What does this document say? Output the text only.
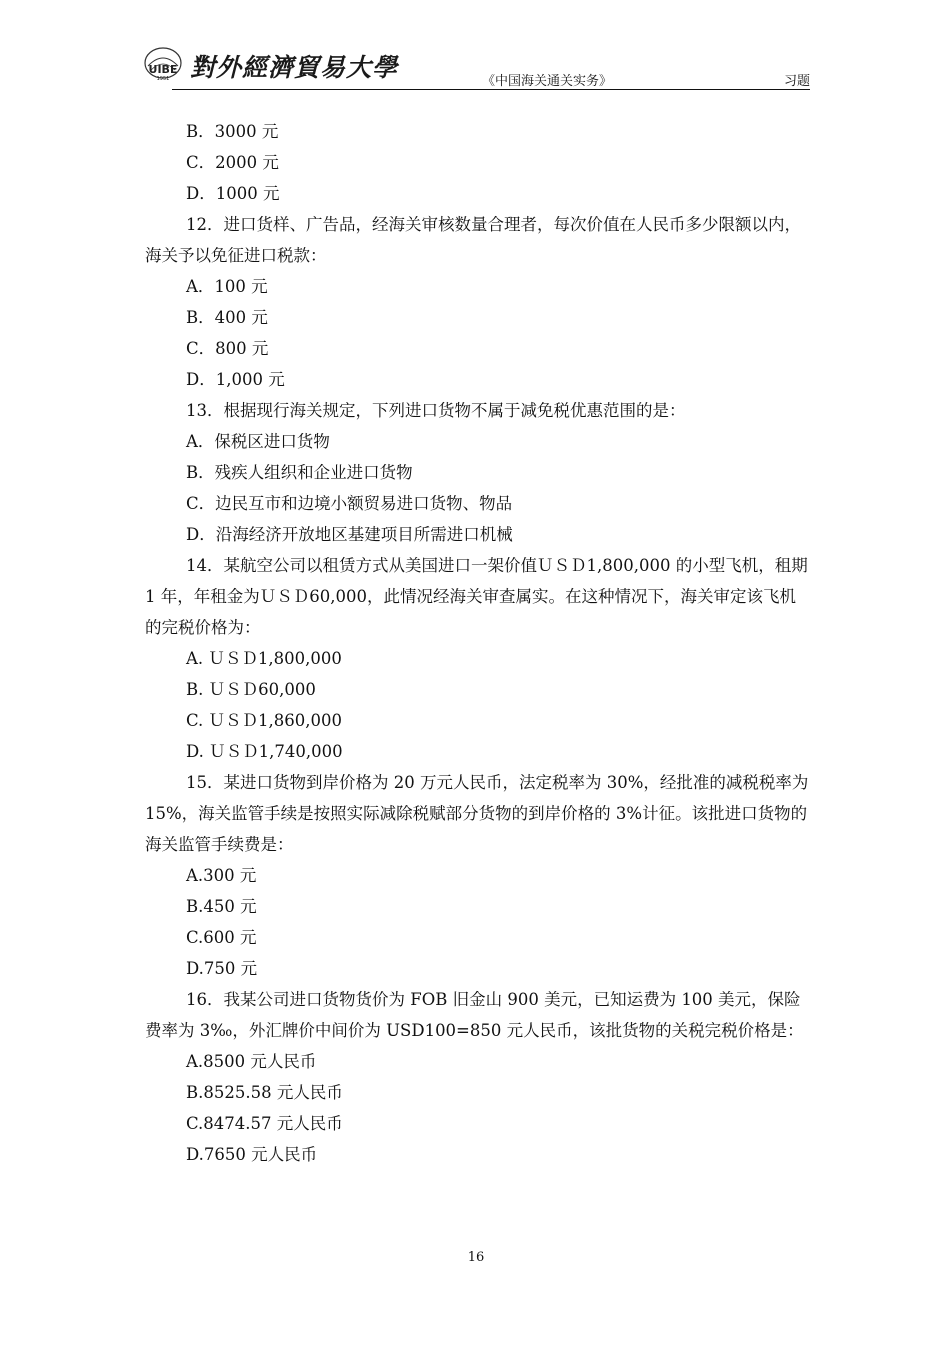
UIBE
1951 對外經濟貿易大學	《中国海关通关实务》	习题
B．3000 元
C．2000 元
D．1000 元
12．进口货样、广告品，经海关审核数量合理者，每次价值在人民币多少限额以内，海关予以免征进口税款：
A．100 元
B．400 元
C．800 元
D．1,000 元
13．根据现行海关规定，下列进口货物不属于减免税优惠范围的是：
A．保税区进口货物
B．残疾人组织和企业进口货物
C．边民互市和边境小额贸易进口货物、物品
D．沿海经济开放地区基建项目所需进口机械
14．某航空公司以租赁方式从美国进口一架价值ＵＳＤ1,800,000 的小型飞机，租期 1 年，年租金为ＵＳＤ60,000，此情况经海关审查属实。在这种情况下，海关审定该飞机的完税价格为：
A. ＵＳＤ1,800,000
B. ＵＳＤ60,000
C. ＵＳＤ1,860,000
D. ＵＳＤ1,740,000
15．某进口货物到岸价格为 20 万元人民币，法定税率为 30%，经批准的减税税率为 15%，海关监管手续是按照实际减除税赋部分货物的到岸价格的 3%计征。该批进口货物的海关监管手续费是：
A.300 元
B.450 元
C.600 元
D.750 元
16．我某公司进口货物货价为 FOB 旧金山 900 美元，已知运费为 100 美元，保险费率为 3‰，外汇牌价中间价为 USD100=850 元人民币，该批货物的关税完税价格是：
A.8500 元人民币
B.8525.58 元人民币
C.8474.57 元人民币
D.7650 元人民币
16
